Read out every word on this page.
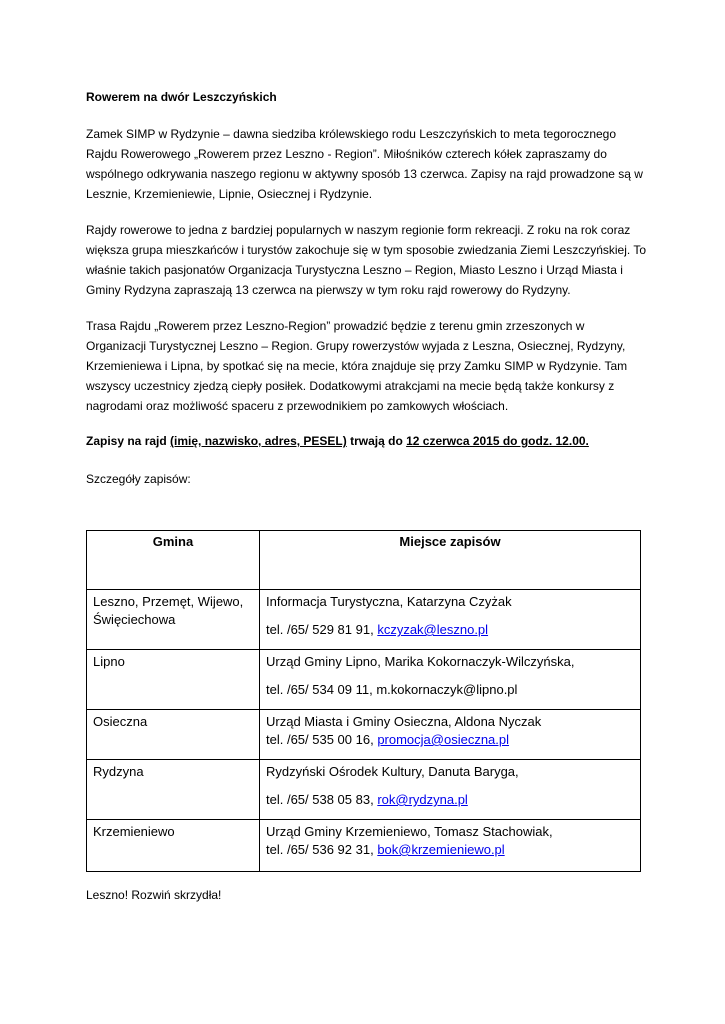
Rowerem na dwór Leszczyńskich

Zamek SIMP w Rydzynie – dawna siedziba królewskiego rodu Leszczyńskich to meta tegorocznego Rajdu Rowerowego „Rowerem przez Leszno - Region”. Miłośników czterech kółek zapraszamy do wspólnego odkrywania naszego regionu w aktywny sposób 13 czerwca. Zapisy na rajd prowadzone są w Lesznie, Krzemieniewie, Lipnie, Osiecznej i Rydzynie.

Rajdy rowerowe to jedna z bardziej popularnych w naszym regionie form rekreacji. Z roku na rok coraz większa grupa mieszkańców i turystów zakochuje się w tym sposobie zwiedzania Ziemi Leszczyńskiej. To właśnie takich pasjonatów Organizacja Turystyczna Leszno – Region, Miasto Leszno i Urząd Miasta i Gminy Rydzyna zapraszają 13 czerwca na pierwszy w tym roku rajd rowerowy do Rydzyny.

Trasa Rajdu „Rowerem przez Leszno-Region” prowadzić będzie z terenu gmin zrzeszonych w Organizacji Turystycznej Leszno – Region. Grupy rowerzystów wyjada z Leszna, Osiecznej, Rydzyny, Krzemieniewa i Lipna, by spotkać się na mecie, która znajduje się przy Zamku SIMP w Rydzynie. Tam wszyscy uczestnicy zjedzą ciepły posiłek. Dodatkowymi atrakcjami na mecie będą także konkursy z nagrodami oraz możliwość spaceru z przewodnikiem po zamkowych włościach.

Zapisy na rajd (imię, nazwisko, adres, PESEL) trwają do 12 czerwca 2015 do godz. 12.00.
Szczegóły zapisów:
Gmina	Miejsce zapisów
Leszno, Przemęt, Wijewo, Święciechowa	Informacja Turystyczna, Katarzyna Czyżak
tel. /65/ 529 81 91, kczyzak@leszno.pl

Lipno	Urząd Gminy Lipno, Marika Kokornaczyk-Wilczyńska,
tel. /65/ 534 09 11, m.kokornaczyk@lipno.pl

Osieczna	Urząd Miasta i Gminy Osieczna, Aldona Nyczak
tel. /65/ 535 00 16, promocja@osieczna.pl

Rydzyna	Rydzyński Ośrodek Kultury, Danuta Baryga,
tel. /65/ 538 05 83, rok@rydzyna.pl

Krzemieniewo	Urząd Gminy Krzemieniewo, Tomasz Stachowiak,
tel. /65/ 536 92 31, bok@krzemieniewo.pl
Leszno! Rozwiń skrzydła!
